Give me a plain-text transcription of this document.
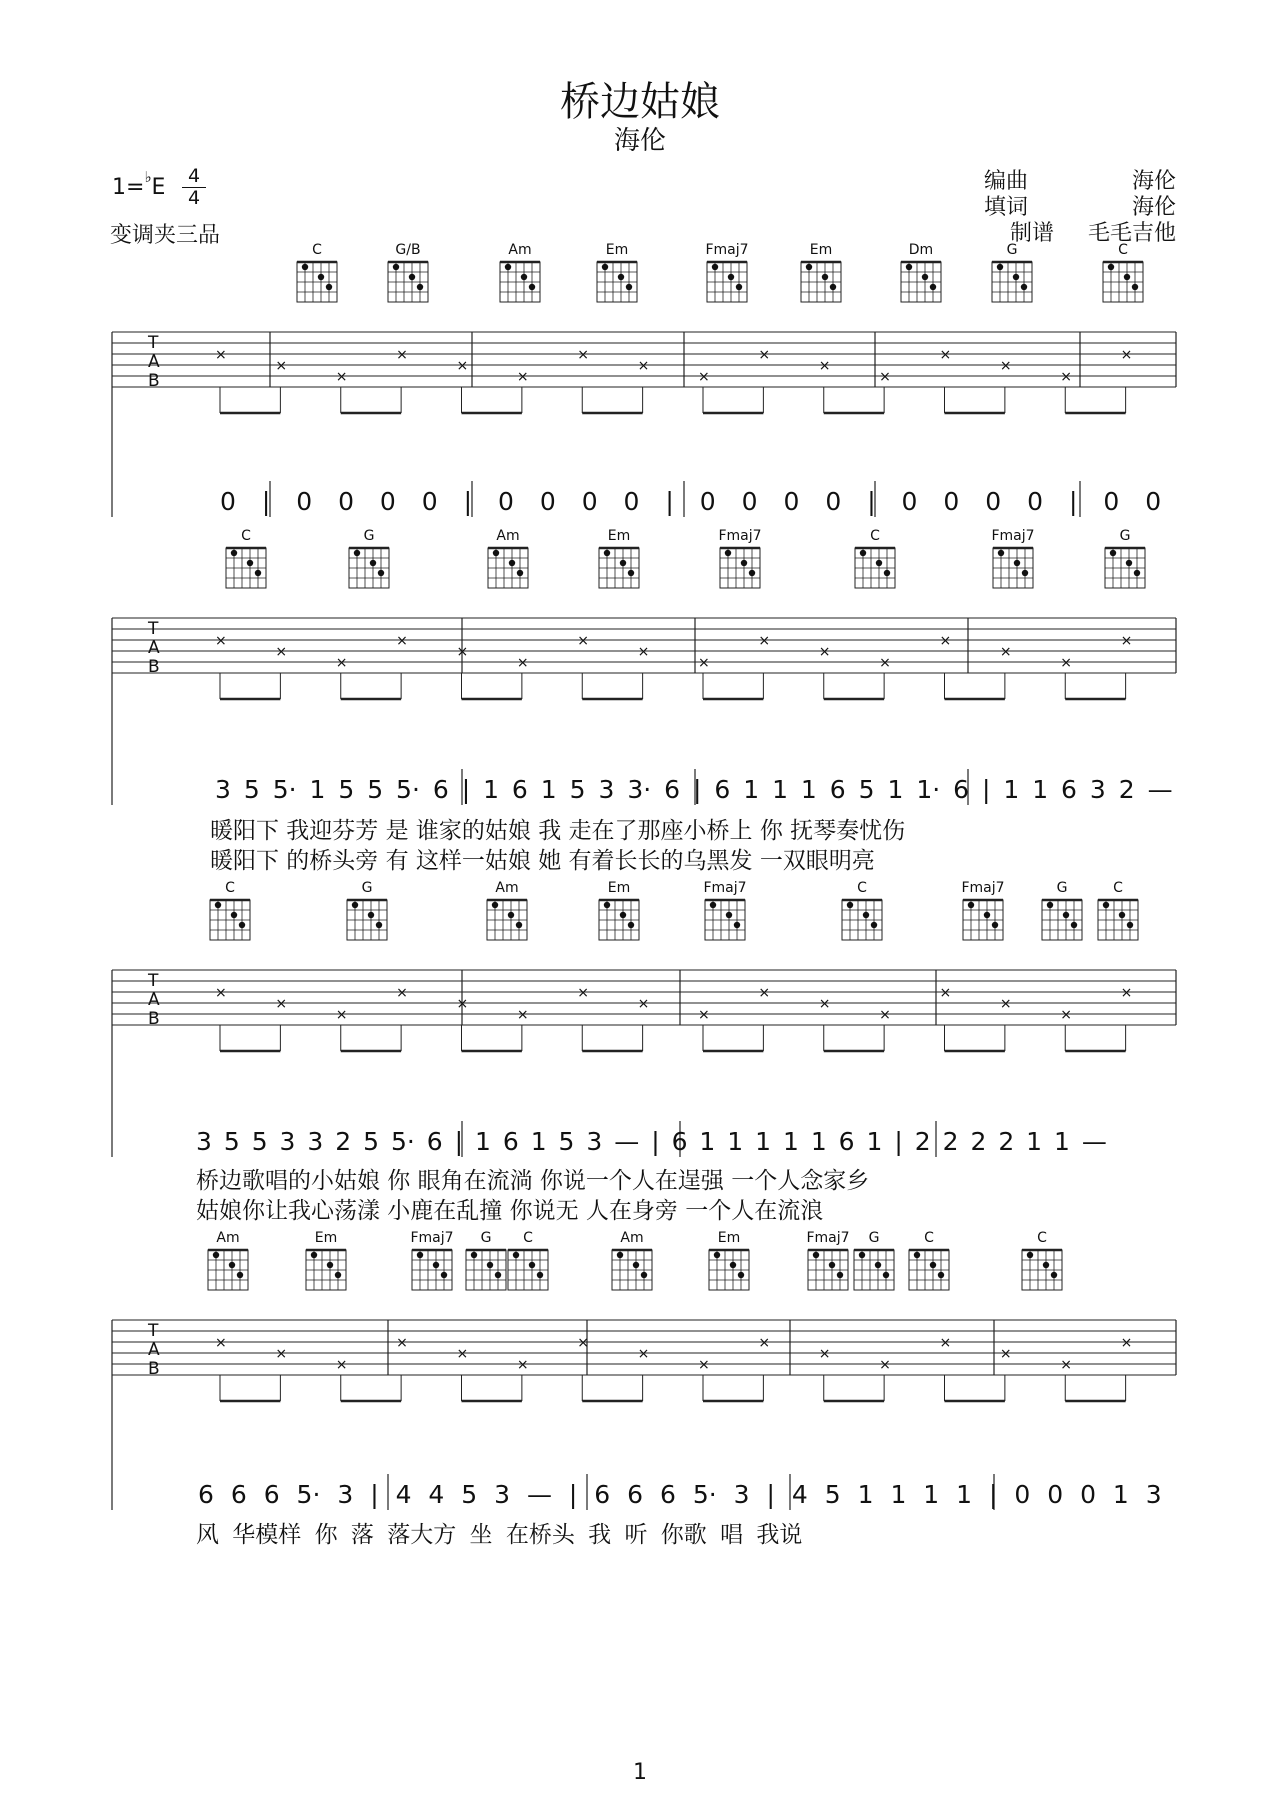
桥边姑娘
海伦
1=♭E	4
4
变调夹三品
编曲	海伦
填词	海伦
制谱 毛毛吉他
T
A
B
×
×
×
×
×
×
×
×
×
×
×
×
×
×
×
×
C	G/B	Am	Em	Fmaj7	Em	Dm	G	C
0 | 0 0 0 0 | 0 0 0 0 | 0 0 0 0 | 0 0 0 0 | 0 0
T
A
B
×
×
×
×
×
×
×
×
×
×
×
×
×
×
×
×
C	G	Am	Em	Fmaj7	C	Fmaj7	G
3 5 5· 1 5 5 5· 6 | 1 6 1 5 3 3· 6 | 6 1 1 1 6 5 1 1· 6 | 1 1 6 3 2 —
暖阳下 我迎芬芳 是 谁家的姑娘 我 走在了那座小桥上 你 抚琴奏忧伤
暖阳下 的桥头旁 有 这样一姑娘 她 有着长长的乌黑发 一双眼明亮
T
A
B
×
×
×
×
×
×
×
×
×
×
×
×
×
×
×
×
C	G	Am	Em	Fmaj7	C	Fmaj7	G	C
3 5 5 3 3 2 5 5· 6 | 1 6 1 5 3 — | 6 1 1 1 1 1 6 1 | 2 2 2 2 1 1 —
桥边歌唱的小姑娘 你 眼角在流淌 你说一个人在逞强 一个人念家乡
姑娘你让我心荡漾 小鹿在乱撞 你说无 人在身旁 一个人在流浪
T
A
B
×
×
×
×
×
×
×
×
×
×
×
×
×
×
×
×
Am	Em	Fmaj7 G C	Am	Em	Fmaj7 G	C	C
6 6 6 5· 3 | 4 4 5 3 — | 6 6 6 5· 3 | 4 5 1 1 1 1 | 0 0 0 1 3
风 华模样 你 落 落大方 坐 在桥头 我 听 你歌 唱 我说
1
